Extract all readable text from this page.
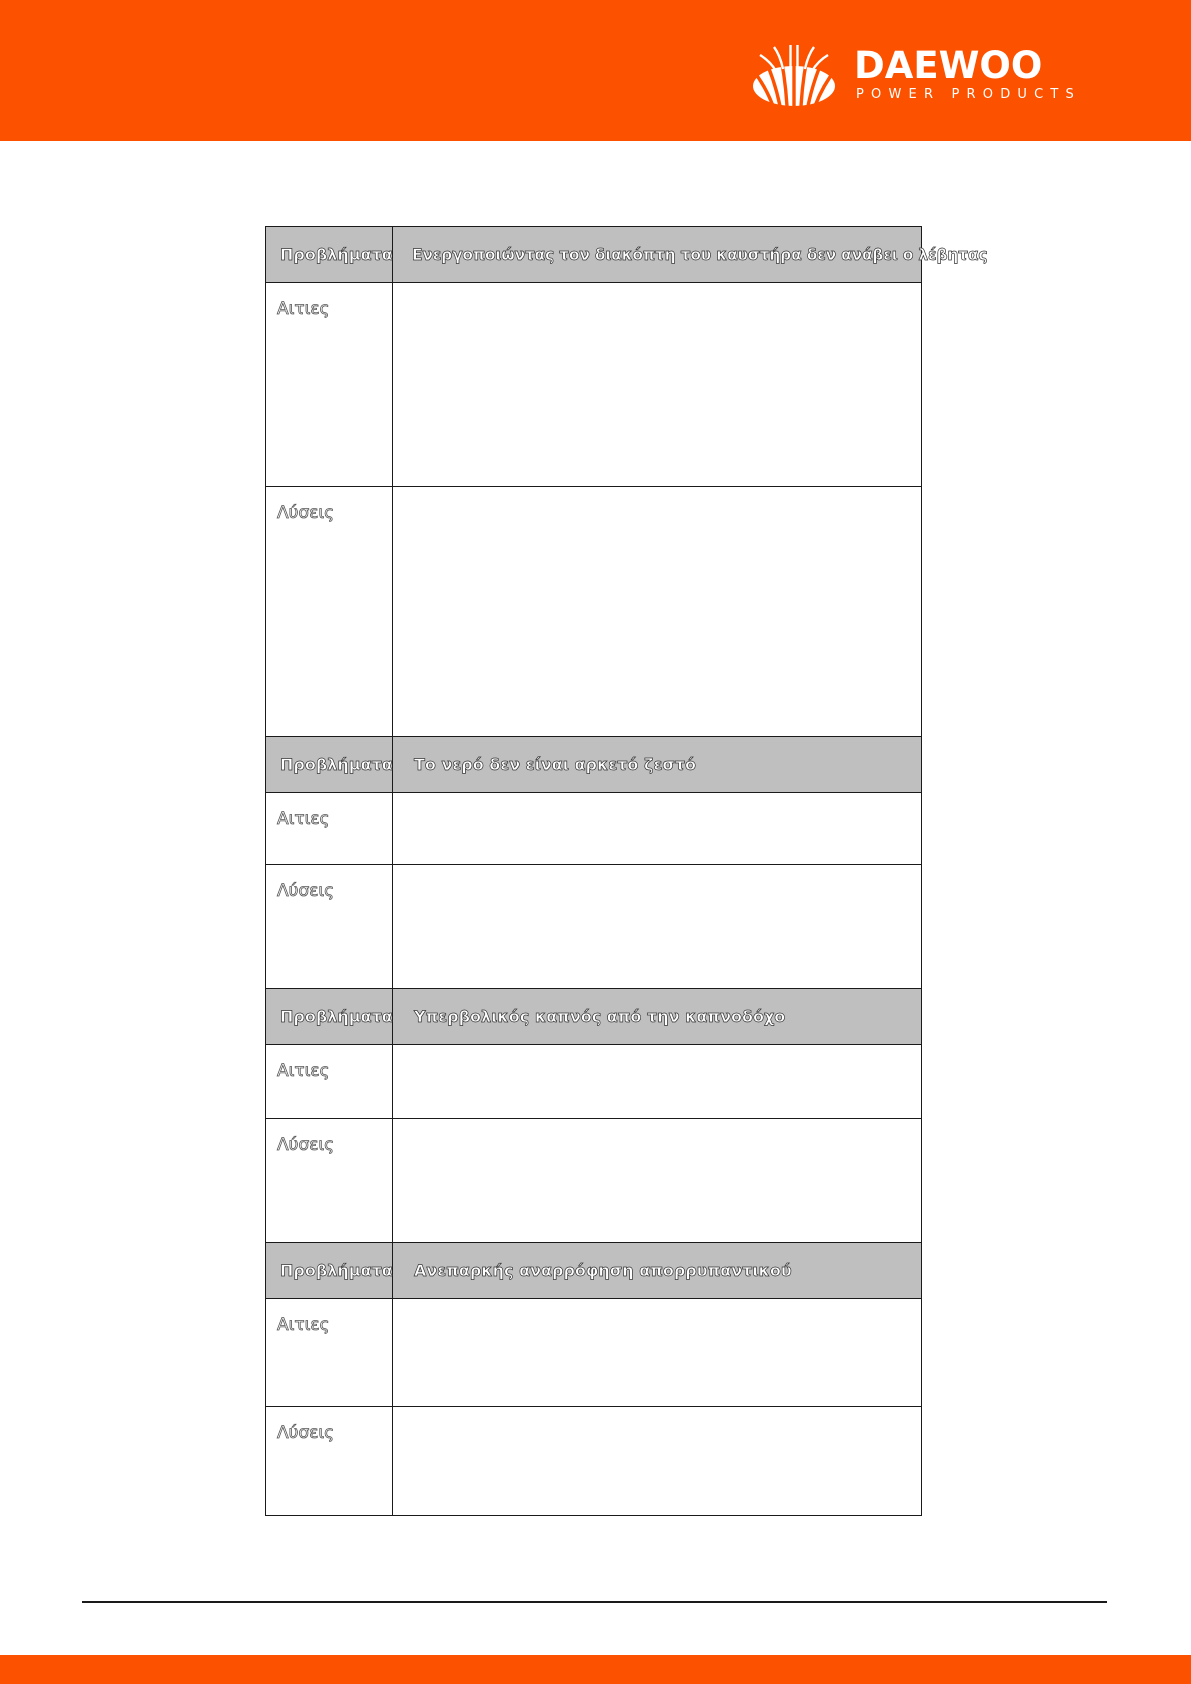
DAEWOO
POWER PRODUCTS
Προβλήματα	Ενεργοποιώντας τον διακόπτη του καυστήρα δεν ανάβει ο λέβητας

Αιτιες	

Λύσεις	

Προβλήματα	Το νερό δεν είναι αρκετό ζεστό

Αιτιες	

Λύσεις	

Προβλήματα	Υπερβολικός καπνός από την καπνοδόχο

Αιτιες	

Λύσεις	

Προβλήματα	Ανεπαρκής αναρρόφηση απορρυπαντικού

Αιτιες	

Λύσεις	
